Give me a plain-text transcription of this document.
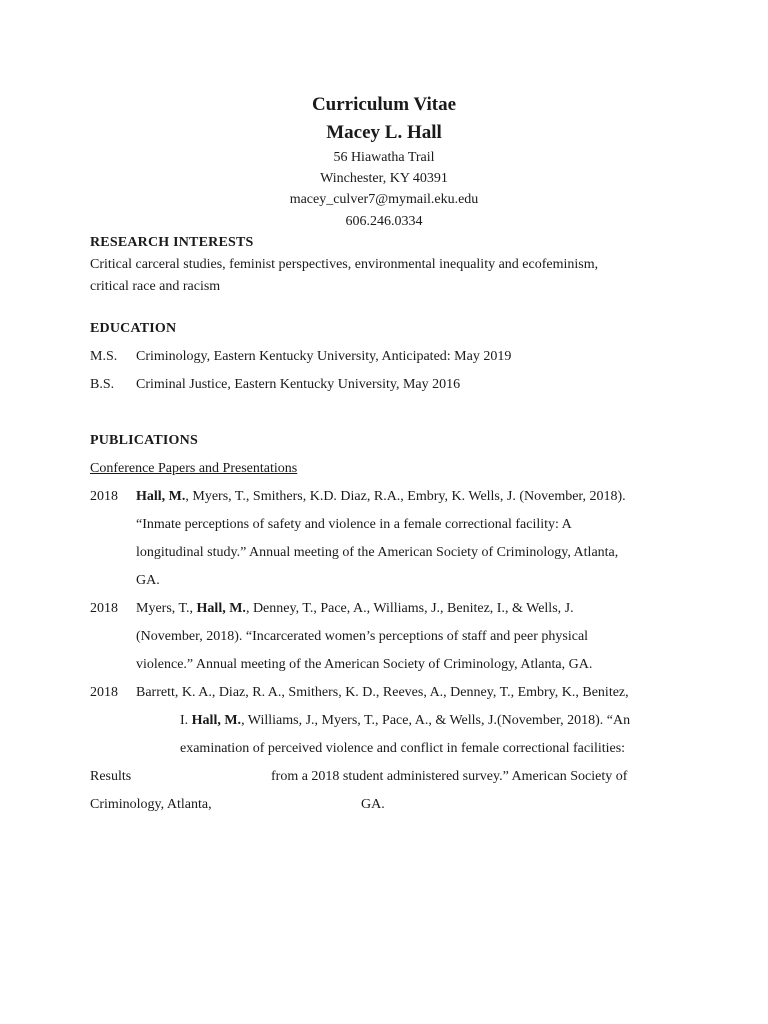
Curriculum Vitae
Macey L. Hall
56 Hiawatha Trail
Winchester, KY 40391
macey_culver7@mymail.eku.edu
606.246.0334
RESEARCH INTERESTS
Critical carceral studies, feminist perspectives, environmental inequality and ecofeminism,
critical race and racism
EDUCATION
M.S. Criminology, Eastern Kentucky University, Anticipated: May 2019
B.S. Criminal Justice, Eastern Kentucky University, May 2016
PUBLICATIONS
Conference Papers and Presentations
2018 Hall, M., Myers, T., Smithers, K.D. Diaz, R.A., Embry, K. Wells, J. (November, 2018).
“Inmate perceptions of safety and violence in a female correctional facility: A
longitudinal study.” Annual meeting of the American Society of Criminology, Atlanta,
GA.
2018 Myers, T., Hall, M., Denney, T., Pace, A., Williams, J., Benitez, I., & Wells, J.
(November, 2018). “Incarcerated women’s perceptions of staff and peer physical
violence.” Annual meeting of the American Society of Criminology, Atlanta, GA.
2018 Barrett, K. A., Diaz, R. A., Smithers, K. D., Reeves, A., Denney, T., Embry, K., Benitez,
I. Hall, M., Williams, J., Myers, T., Pace, A., & Wells, J.(November, 2018). “An
examination of perceived violence and conflict in female correctional facilities:
Results	from a 2018 student administered survey.” American Society of
Criminology, Atlanta,	GA.
